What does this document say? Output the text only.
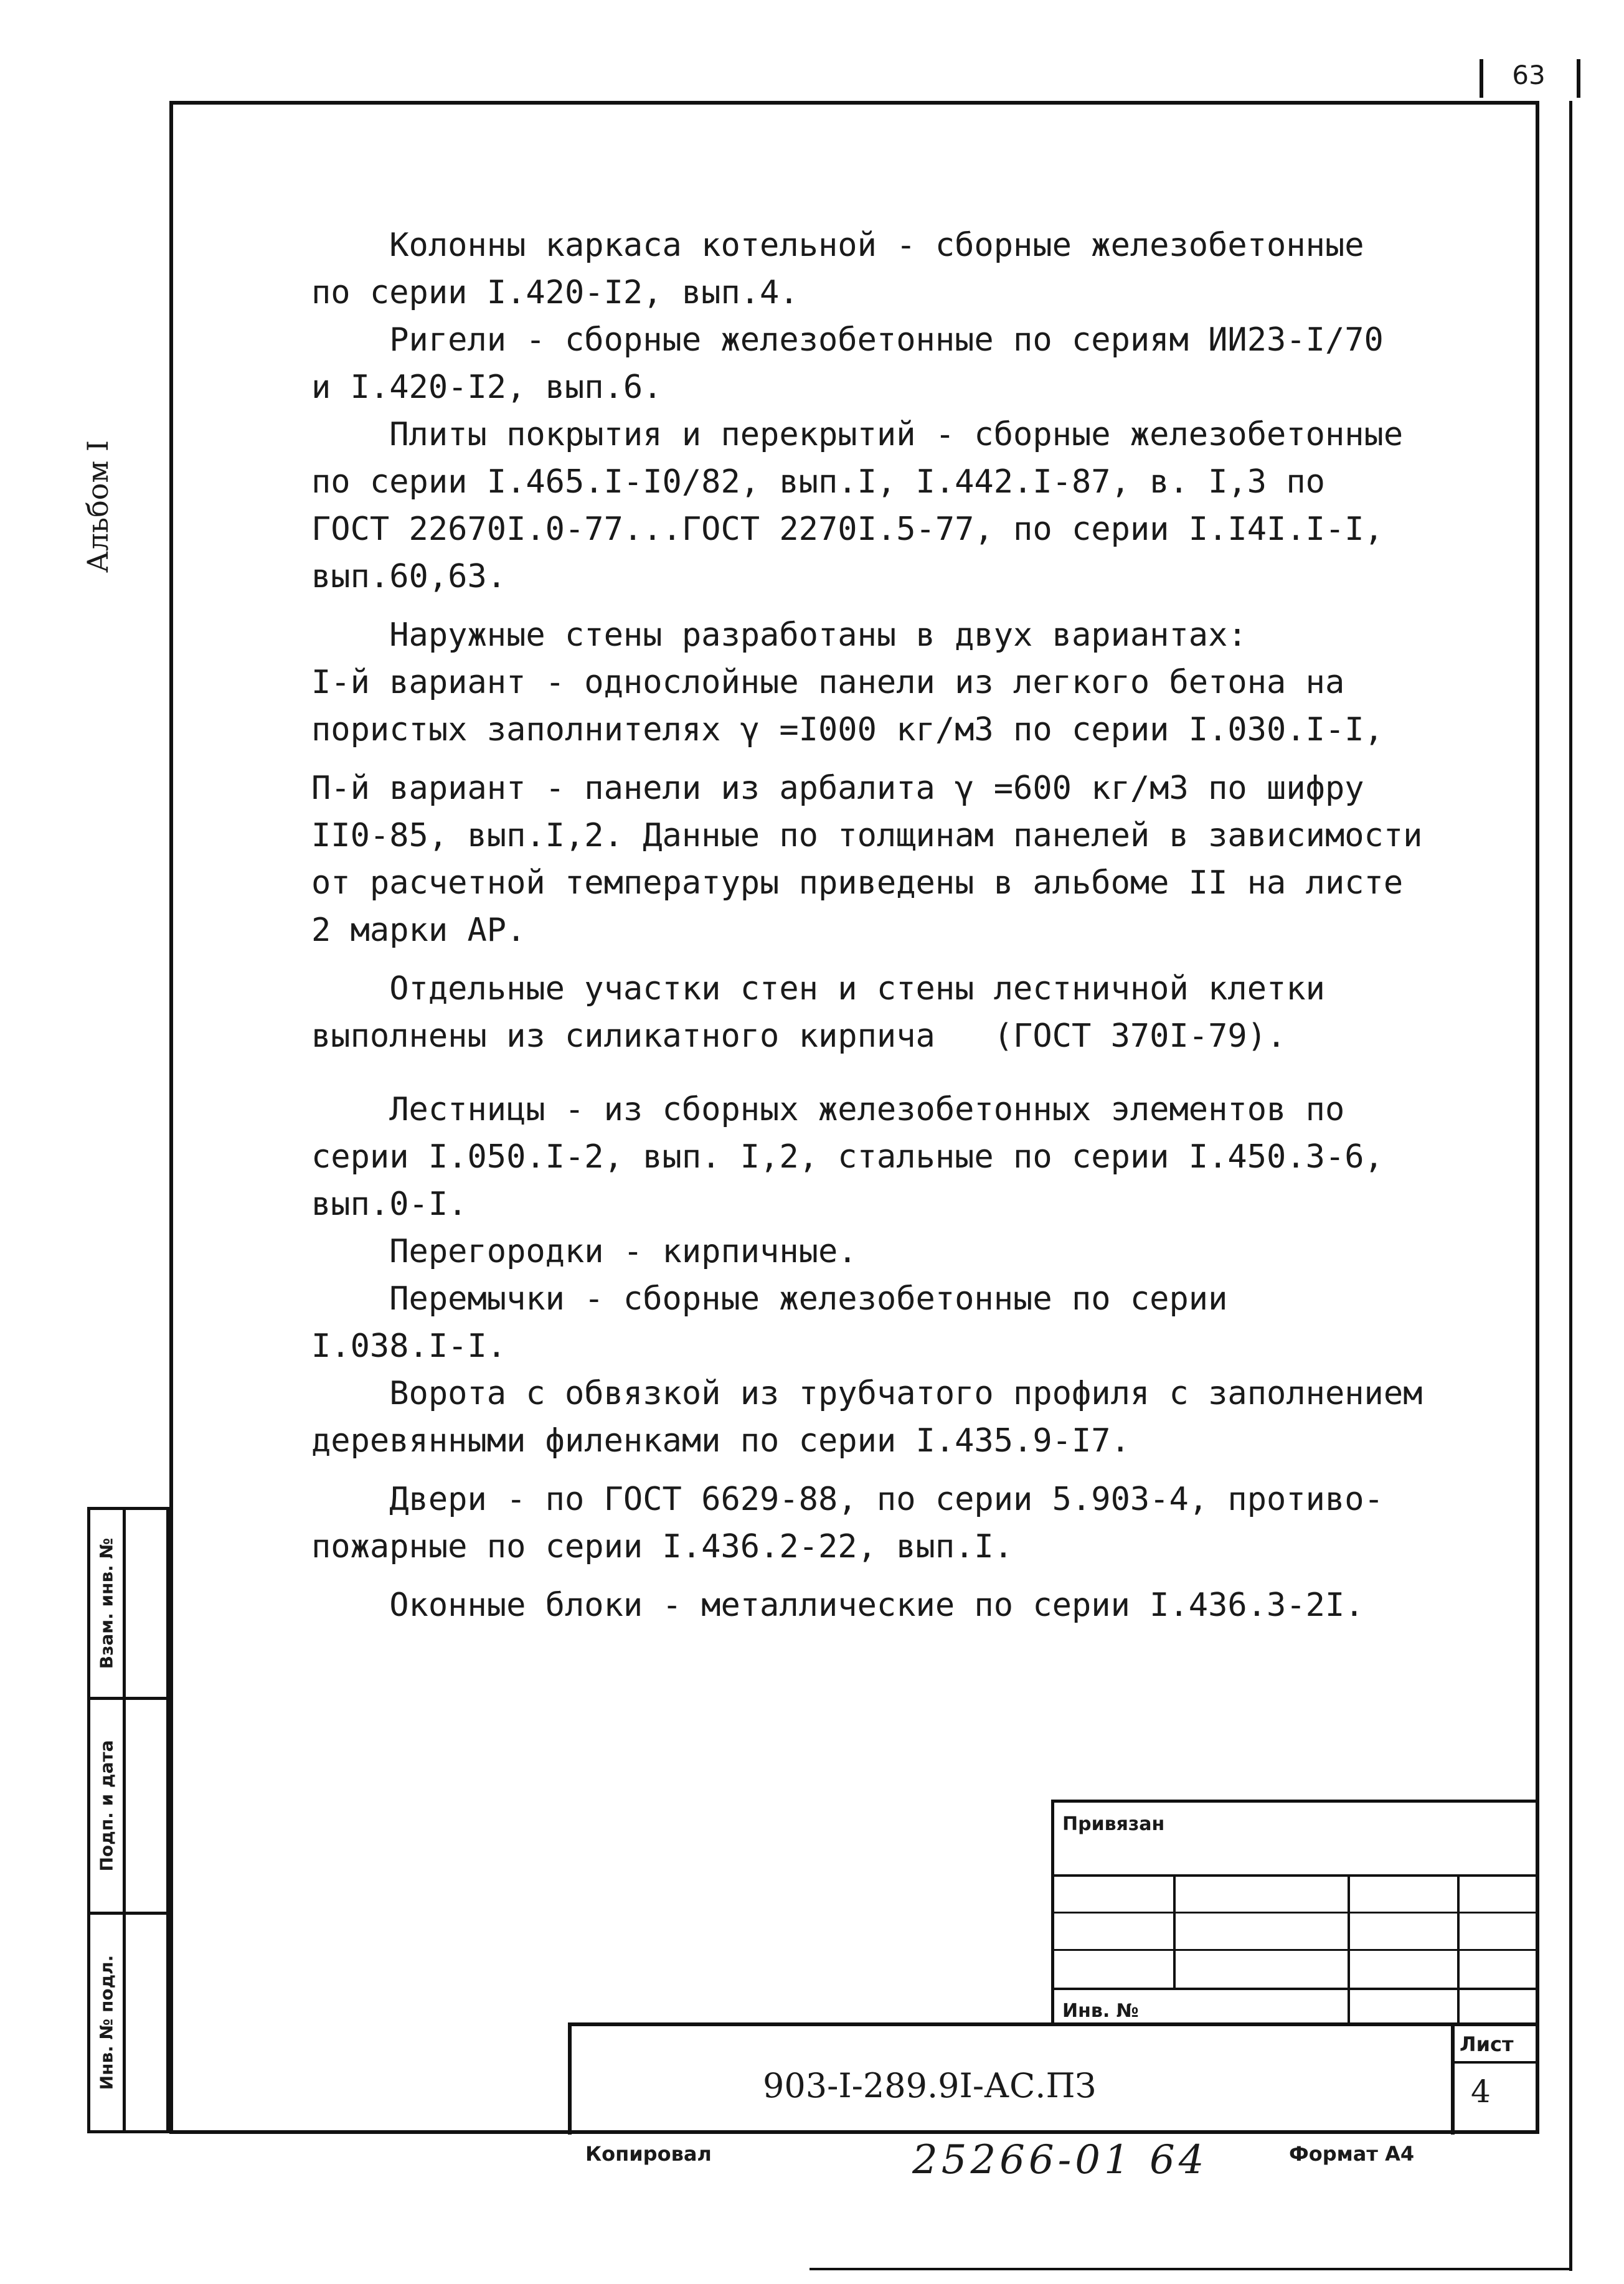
63
Альбом I
Взам. инв. №
Подп. и дата
Инв. № подл.

Колонны каркаса котельной - сборные железобетонные

по серии I.420-I2, вып.4.

Ригели - сборные железобетонные по сериям ИИ23-I/70

и I.420-I2, вып.6.

Плиты покрытия и перекрытий - сборные железобетонные

по серии I.465.I-I0/82, вып.I, I.442.I-87, в. I,3 по

ГОСТ 22670I.0-77...ГОСТ 2270I.5-77, по серии I.I4I.I-I,

вып.60,63.

Наружные стены разработаны в двух вариантах:

I-й вариант - однослойные панели из легкого бетона на

пористых заполнителях γ =I000 кг/м3 по серии I.030.I-I,

П-й вариант - панели из арбалита γ =600 кг/м3 по шифру

II0-85, вып.I,2. Данные по толщинам панелей в зависимости

от расчетной температуры приведены в альбоме II на листе

2 марки АР.

Отдельные участки стен и стены лестничной клетки

выполнены из силикатного кирпича   (ГОСТ 370I-79).

Лестницы - из сборных железобетонных элементов по

серии I.050.I-2, вып. I,2, стальные по серии I.450.3-6,

вып.0-I.

Перегородки - кирпичные.

Перемычки - сборные железобетонные по серии

I.038.I-I.

Ворота с обвязкой из трубчатого профиля с заполнением

деревянными филенками по серии I.435.9-I7.

Двери - по ГОСТ 6629-88, по серии 5.903-4, противо-

пожарные по серии I.436.2-22, вып.I.

Оконные блоки - металлические по серии I.436.3-2I.

Привязан
Инв. №
903-I-289.9I-АС.ПЗ
Лист
4
Копировал	25266-01 64	Формат А4
